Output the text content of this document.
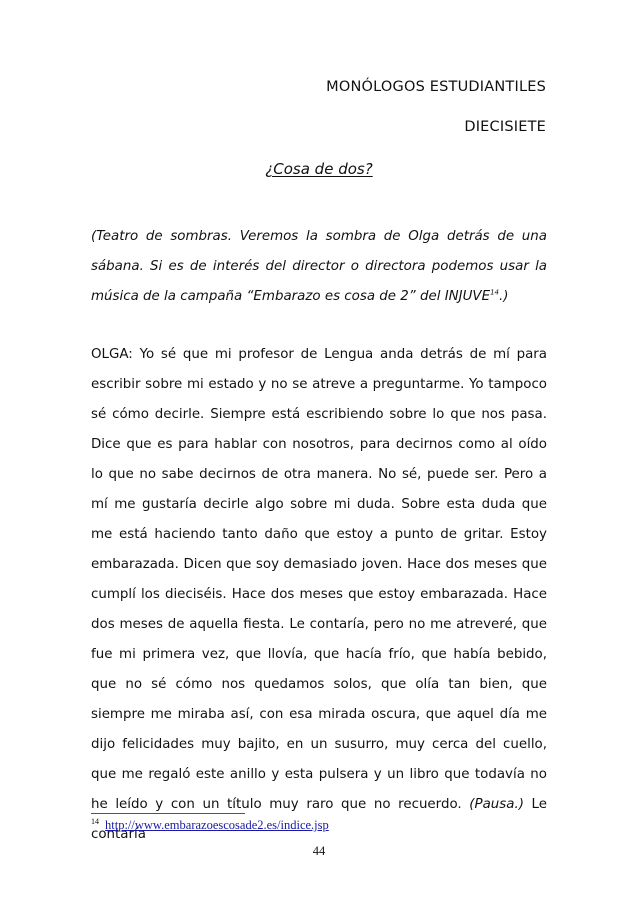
MONÓLOGOS ESTUDIANTILES
DIECISIETE
¿Cosa de dos?

(Teatro de sombras. Veremos la sombra de Olga detrás de una sábana. Si es de interés del director o directora podemos usar la música de la campaña “Embarazo es cosa de 2” del INJUVE$^{14}$.)

OLGA: Yo sé que mi profesor de Lengua anda detrás de mí para escribir sobre mi estado y no se atreve a preguntarme. Yo tampoco sé cómo decirle. Siempre está escribiendo sobre lo que nos pasa. Dice que es para hablar con nosotros, para decirnos como al oído lo que no sabe decirnos de otra manera. No sé, puede ser. Pero a mí me gustaría decirle algo sobre mi duda. Sobre esta duda que me está haciendo tanto daño que estoy a punto de gritar. Estoy embarazada. Dicen que soy demasiado joven. Hace dos meses que cumplí los dieciséis. Hace dos meses que estoy embarazada. Hace dos meses de aquella fiesta. Le contaría, pero no me atreveré, que fue mi primera vez, que llovía, que hacía frío, que había bebido, que no sé cómo nos quedamos solos, que olía tan bien, que siempre me miraba así, con esa mirada oscura, que aquel día me dijo felicidades muy bajito, en un susurro, muy cerca del cuello, que me regaló este anillo y esta pulsera y un libro que todavía no he leído y con un título muy raro que no recuerdo. (Pausa.) Le contaría

$^{14}$ http://www.embarazoescosade2.es/indice.jsp
44
